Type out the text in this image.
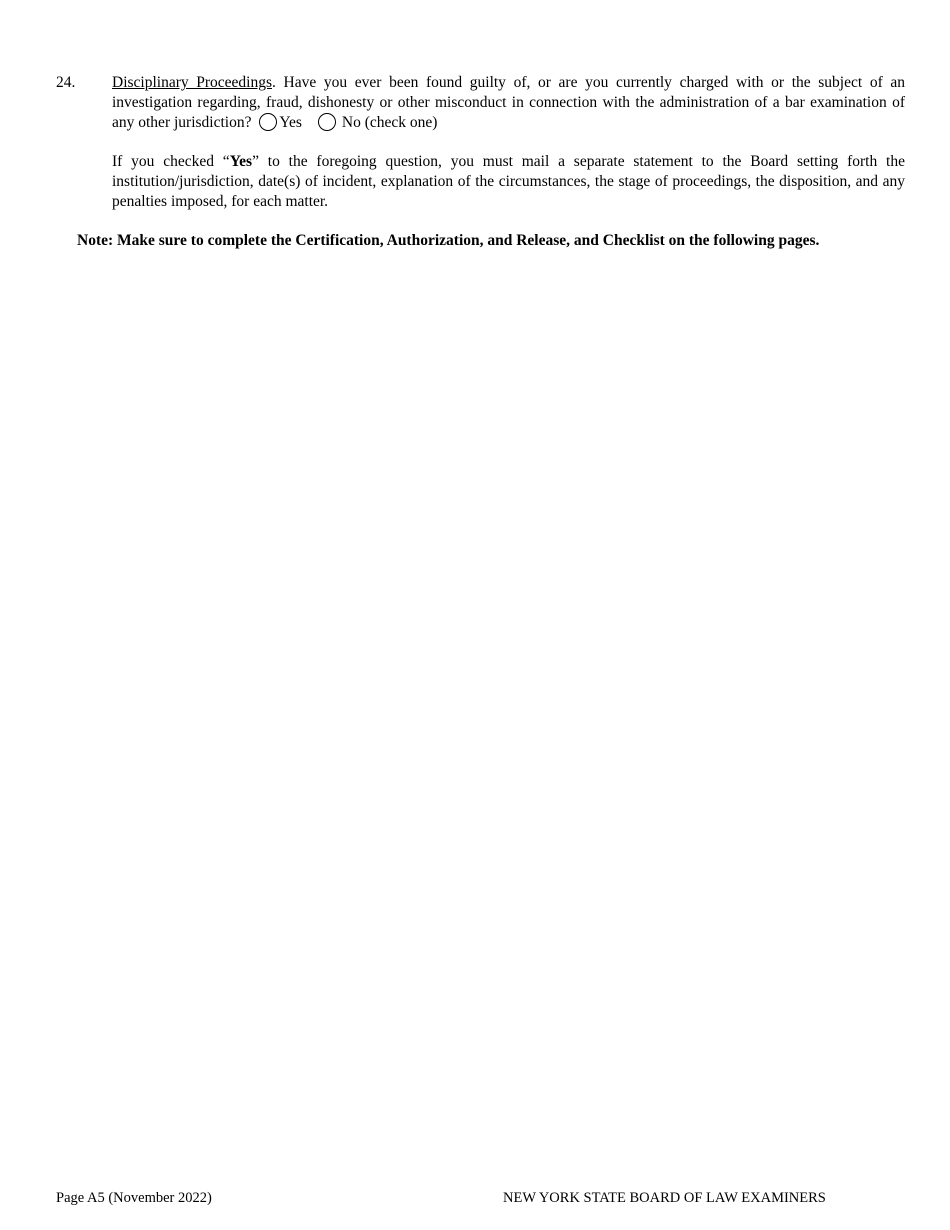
24. Disciplinary Proceedings. Have you ever been found guilty of, or are you currently charged with or the subject of an investigation regarding, fraud, dishonesty or other misconduct in connection with the administration of a bar examination of any other jurisdiction? Yes	No (check one)
If you checked “Yes” to the foregoing question, you must mail a separate statement to the Board setting forth the institution/jurisdiction, date(s) of incident, explanation of the circumstances, the stage of proceedings, the disposition, and any penalties imposed, for each matter.
Note: Make sure to complete the Certification, Authorization, and Release, and Checklist on the following pages.
Page A5 (November 2022)	NEW YORK STATE BOARD OF LAW EXAMINERS
